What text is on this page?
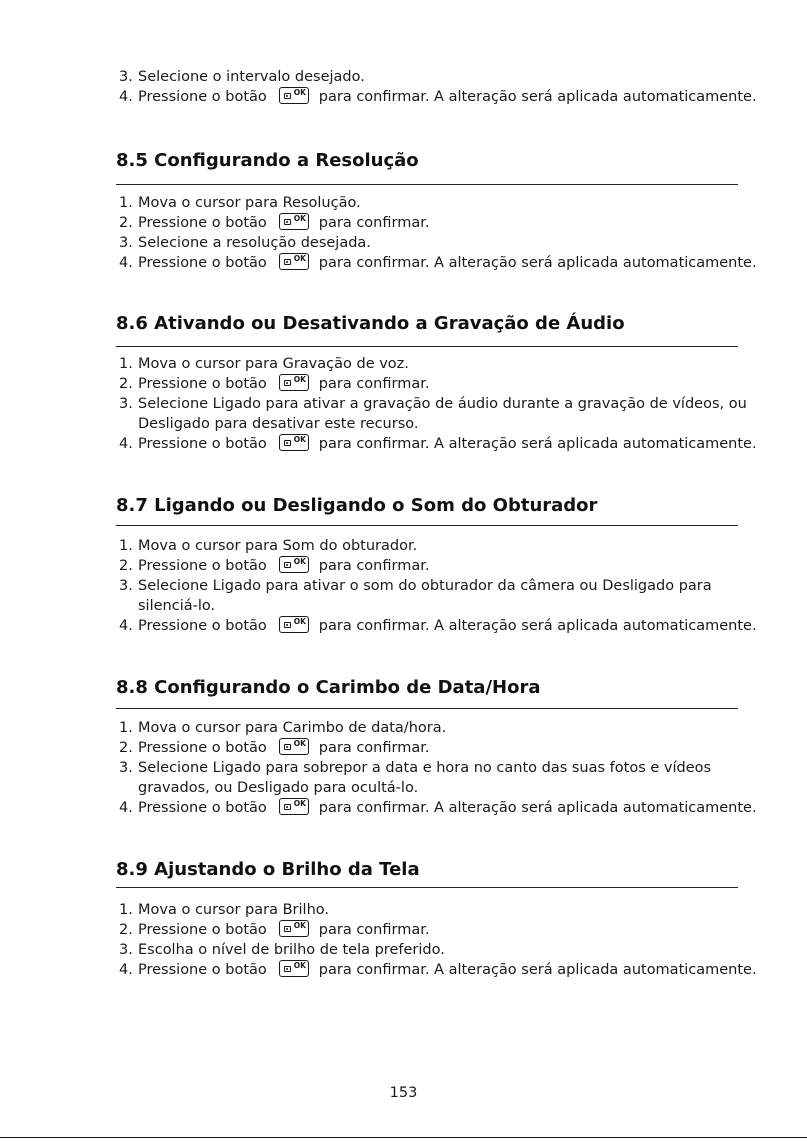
3. Selecione o intervalo desejado.
4. Pressione o botão	OK para confirmar. A alteração será aplicada automaticamente.
8.5 Configurando a Resolução
1. Mova o cursor para Resolução.
2. Pressione o botão	OK para confirmar.
3. Selecione a resolução desejada.
4. Pressione o botão	OK para confirmar. A alteração será aplicada automaticamente.
8.6 Ativando ou Desativando a Gravação de Áudio
1. Mova o cursor para Gravação de voz.
2. Pressione o botão	OK para confirmar.
3. Selecione Ligado para ativar a gravação de áudio durante a gravação de vídeos, ou
Desligado para desativar este recurso.
4. Pressione o botão	OK para confirmar. A alteração será aplicada automaticamente.
8.7 Ligando ou Desligando o Som do Obturador
1. Mova o cursor para Som do obturador.
2. Pressione o botão	OK para confirmar.
3. Selecione Ligado para ativar o som do obturador da câmera ou Desligado para
silenciá-lo.
4. Pressione o botão	OK para confirmar. A alteração será aplicada automaticamente.
8.8 Configurando o Carimbo de Data/Hora
1. Mova o cursor para Carimbo de data/hora.
2. Pressione o botão	OK para confirmar.
3. Selecione Ligado para sobrepor a data e hora no canto das suas fotos e vídeos
gravados, ou Desligado para ocultá-lo.
4. Pressione o botão	OK para confirmar. A alteração será aplicada automaticamente.
8.9 Ajustando o Brilho da Tela
1. Mova o cursor para Brilho.
2. Pressione o botão	OK para confirmar.
3. Escolha o nível de brilho de tela preferido.
4. Pressione o botão	OK para confirmar. A alteração será aplicada automaticamente.
153
